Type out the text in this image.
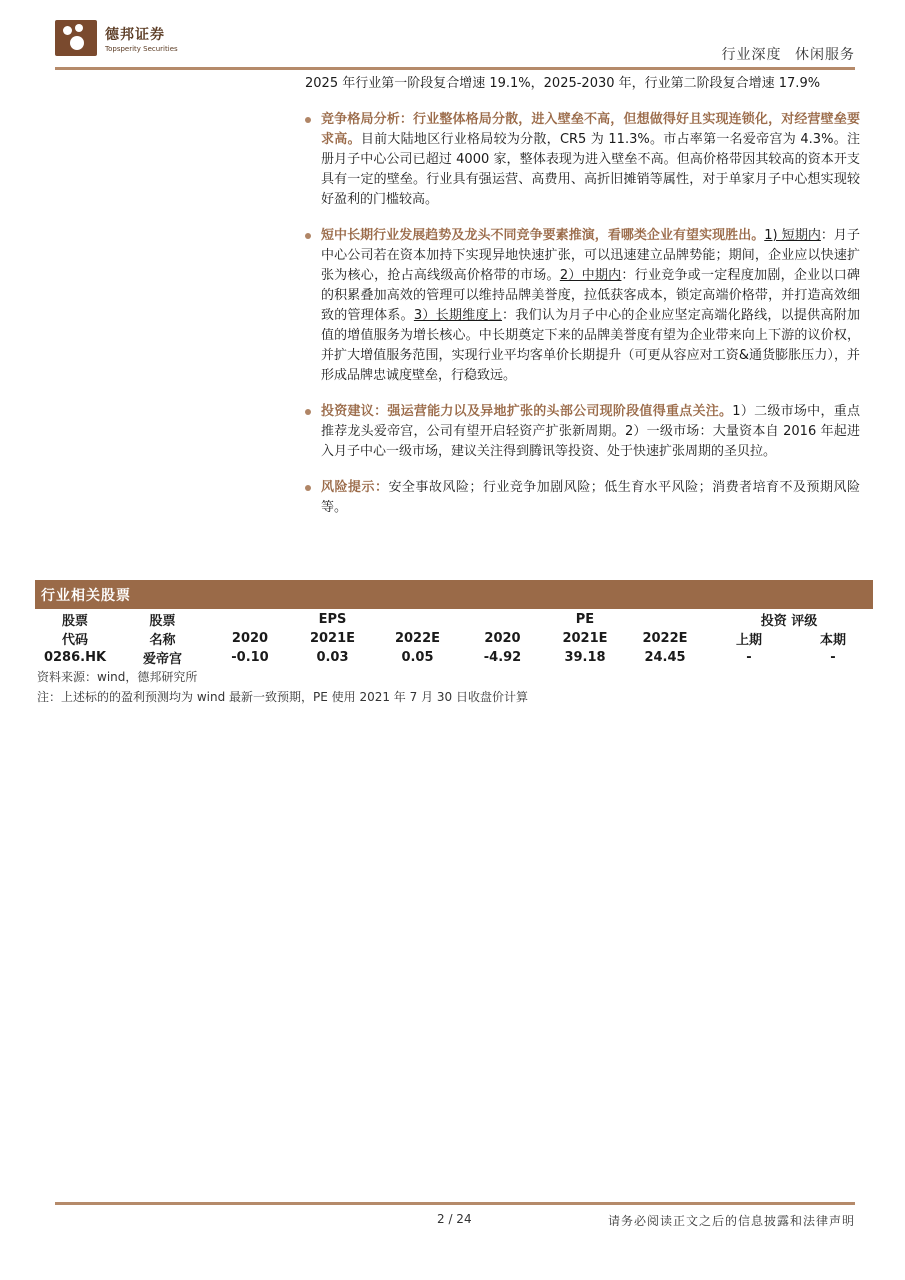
德邦证券
Topsperity Securities	行业深度 休闲服务

2025 年行业第一阶段复合增速 19.1%，2025-2030 年，行业第二阶段复合增速 17.9%

竞争格局分析：行业整体格局分散，进入壁垒不高，但想做得好且实现连锁化，对经营壁垒要求高。目前大陆地区行业格局较为分散，CR5 为 11.3%。市占率第一名爱帝宫为 4.3%。注册月子中心公司已超过 4000 家，整体表现为进入壁垒不高。但高价格带因其较高的资本开支具有一定的壁垒。行业具有强运营、高费用、高折旧摊销等属性，对于单家月子中心想实现较好盈利的门槛较高。
短中长期行业发展趋势及龙头不同竞争要素推演，看哪类企业有望实现胜出。1) 短期内：月子中心公司若在资本加持下实现异地快速扩张，可以迅速建立品牌势能；期间，企业应以快速扩张为核心，抢占高线级高价格带的市场。2）中期内：行业竞争或一定程度加剧，企业以口碑的积累叠加高效的管理可以维持品牌美誉度，拉低获客成本，锁定高端价格带，并打造高效细致的管理体系。3）长期维度上：我们认为月子中心的企业应坚定高端化路线，以提供高附加值的增值服务为增长核心。中长期奠定下来的品牌美誉度有望为企业带来向上下游的议价权，并扩大增值服务范围，实现行业平均客单价长期提升（可更从容应对工资&通货膨胀压力），并形成品牌忠诚度壁垒，行稳致远。
投资建议：强运营能力以及异地扩张的头部公司现阶段值得重点关注。1）二级市场中，重点推荐龙头爱帝宫，公司有望开启轻资产扩张新周期。2）一级市场：大量资本自 2016 年起进入月子中心一级市场，建议关注得到腾讯等投资、处于快速扩张周期的圣贝拉。
风险提示：安全事故风险；行业竞争加剧风险；低生育水平风险；消费者培育不及预期风险等。
行业相关股票
股票	股票		EPS			PE		投资 评级	
代码	名称	2020	2021E	2022E	2020	2021E	2022E	上期	本期
0286.HK	爱帝宫	-0.10	0.03	0.05	-4.92	39.18	24.45	-	-
资料来源：wind，德邦研究所
注：上述标的的盈利预测均为 wind 最新一致预期，PE 使用 2021 年 7 月 30 日收盘价计算
2 / 24	请务必阅读正文之后的信息披露和法律声明
